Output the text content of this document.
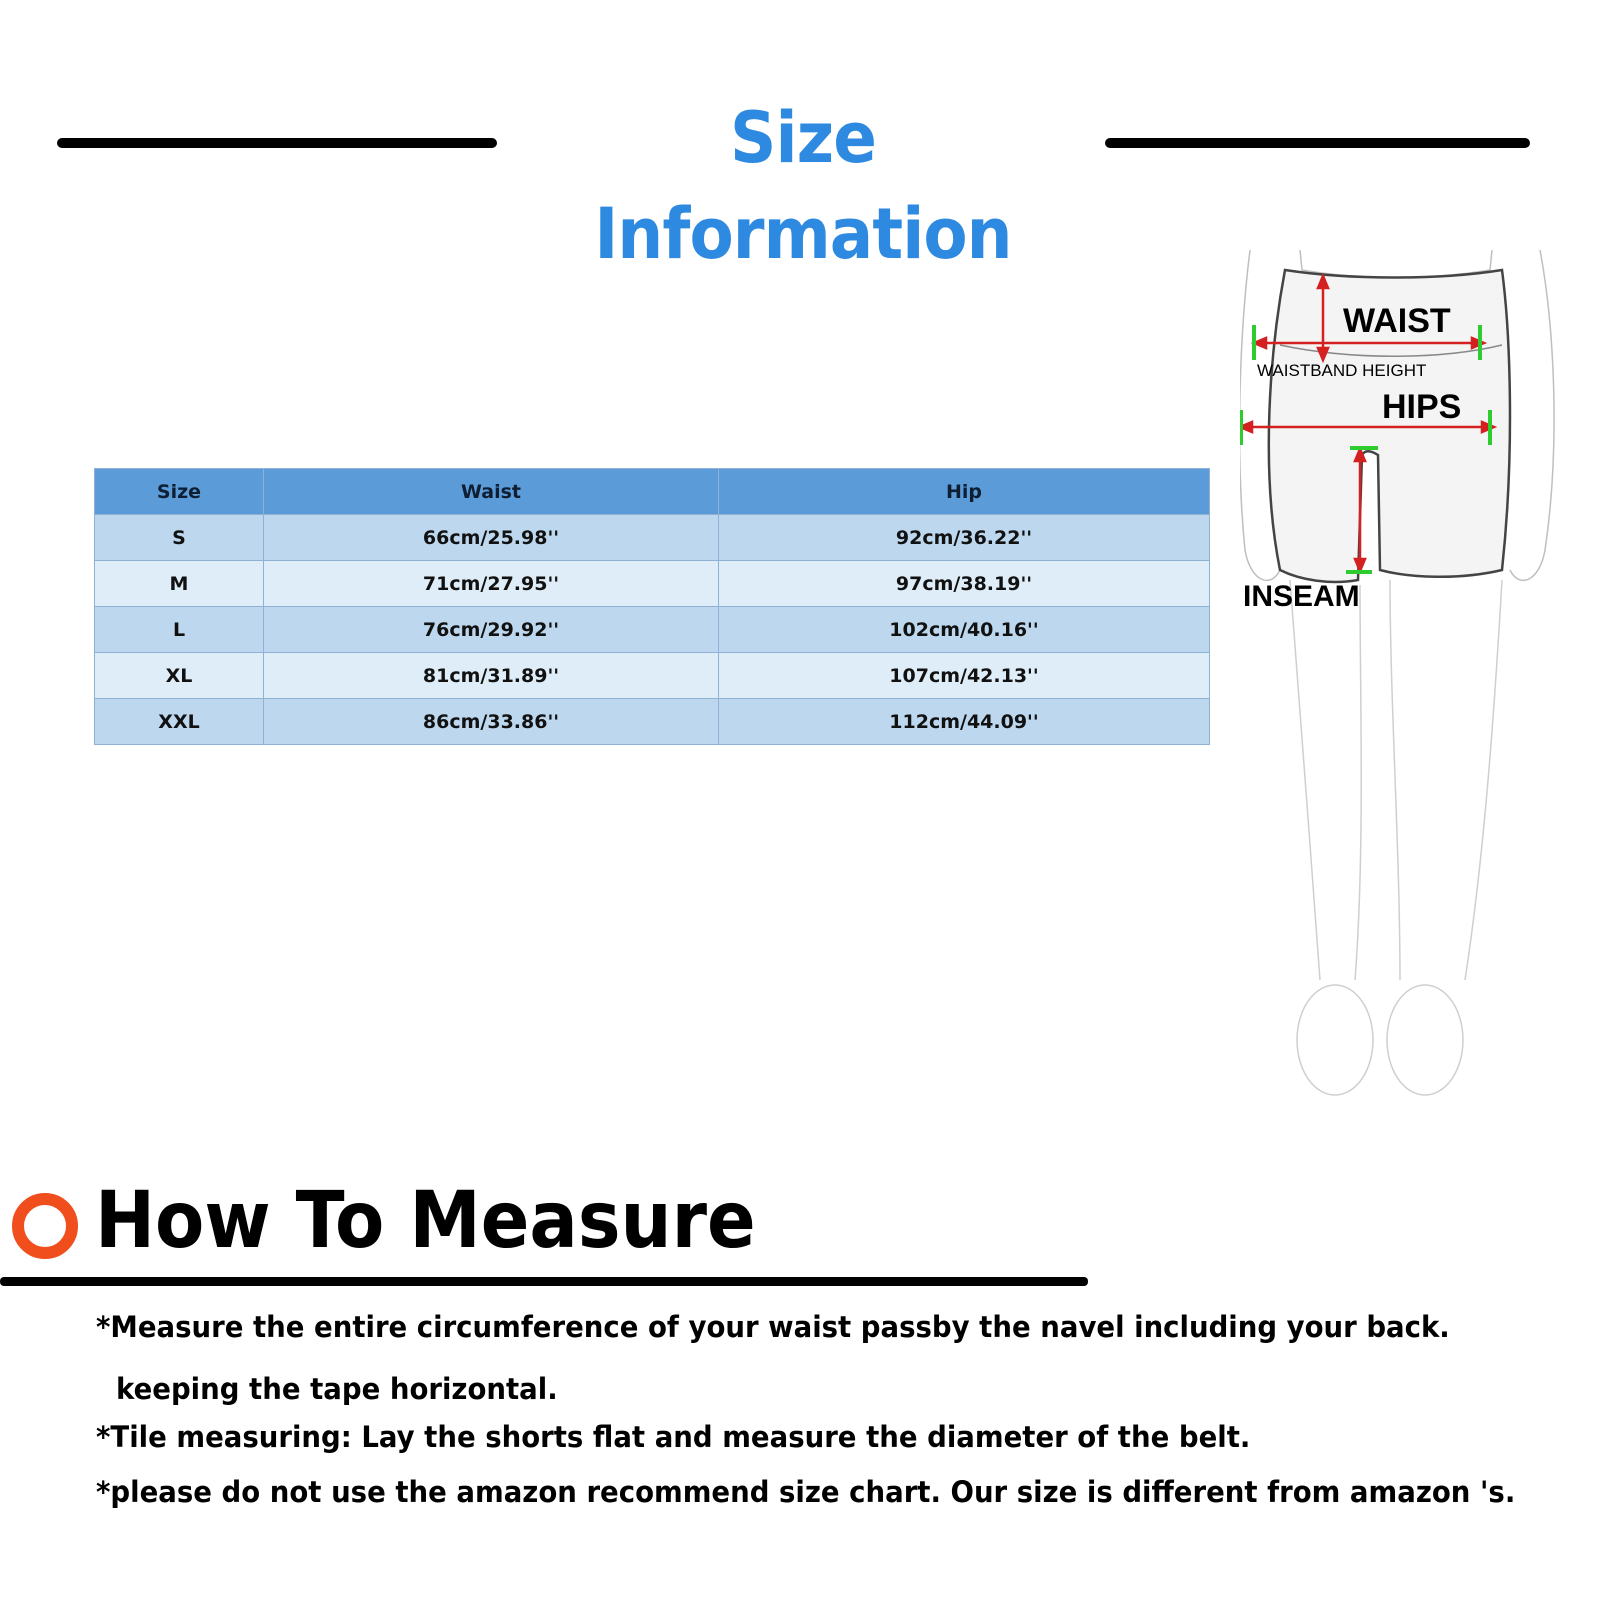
Size Information
Size	Waist	Hip
S	66cm/25.98''	92cm/36.22''
M	71cm/27.95''	97cm/38.19''
L	76cm/29.92''	102cm/40.16''
XL	81cm/31.89''	107cm/42.13''
XXL	86cm/33.86''	112cm/44.09''
WAIST
WAISTBAND HEIGHT
HIPS
INSEAM
How To Measure

*Measure the entire circumference of your waist passby the navel including your back.

keeping the tape horizontal.

*Tile measuring: Lay the shorts flat and measure the diameter of the belt.

*please do not use the amazon recommend size chart. Our size is different from amazon 's.
